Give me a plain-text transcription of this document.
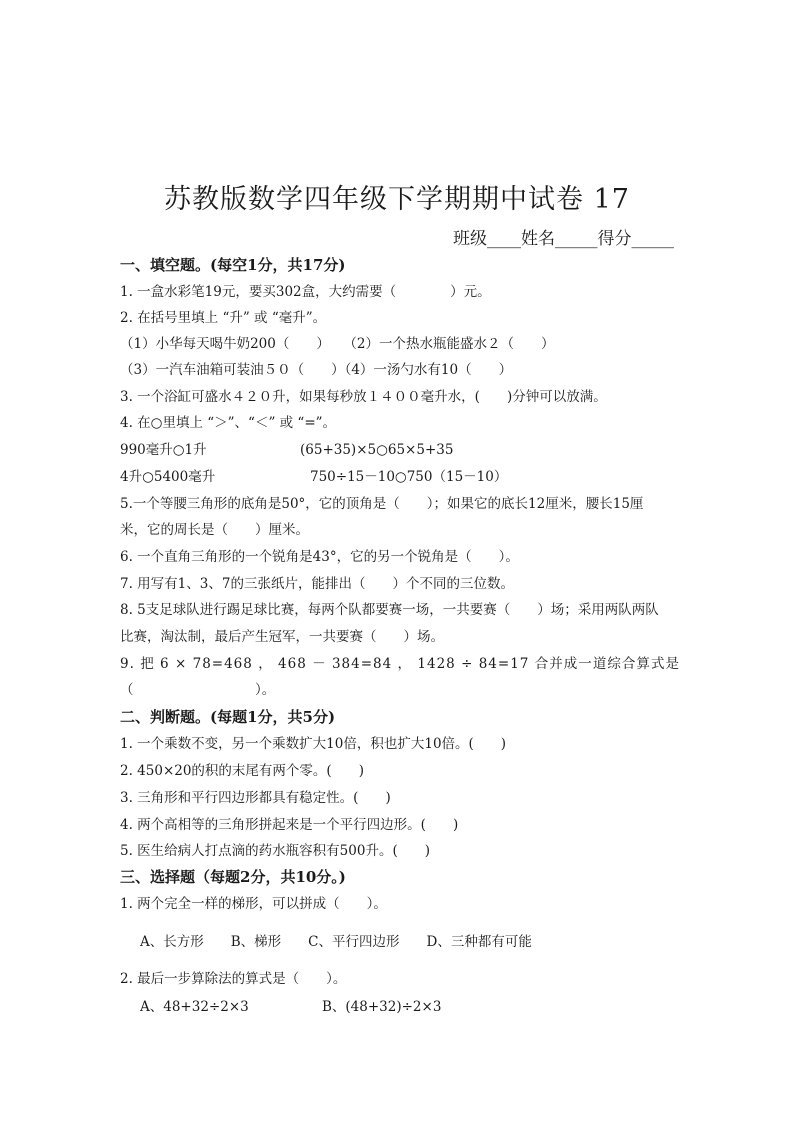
苏教版数学四年级下学期期中试卷 17
班级____姓名_____得分_____
一、填空题。(每空1分，共17分)
1. 一盒水彩笔19元，要买302盒，大约需要（　　　　）元。
2. 在括号里填上 “升” 或 “毫升”。
（1）小华每天喝牛奶200（　　）　　（2）一个热水瓶能盛水２（　　）
（3）一汽车油箱可装油５０（　　）（4）一汤勺水有10（　　）
3. 一个浴缸可盛水４２０升，如果每秒放１４００毫升水，(　　)分钟可以放满。
4. 在○里填上 “＞”、“＜” 或 “=”。
990毫升○1升	(65+35)×5○65×5+35
4升○5400毫升	750÷15－10○750（15－10）
5.一个等腰三角形的底角是50°，它的顶角是（　　）；如果它的底长12厘米，腰长15厘
米，它的周长是（　　）厘米。
6. 一个直角三角形的一个锐角是43°，它的另一个锐角是（　　）。
7. 用写有1、3、7的三张纸片，能排出（　　）个不同的三位数。
8. 5支足球队进行踢足球比赛，每两个队都要赛一场，一共要赛（　　）场；采用两队两队
比赛，淘汰制，最后产生冠军，一共要赛（　　）场。
9. 把 6 × 78=468 ， 468 － 384=84 ， 1428 ÷ 84=17 合并成一道综合算式是
（　　　　　　　　　）。
二、判断题。(每题1分，共5分)
1. 一个乘数不变，另一个乘数扩大10倍，积也扩大10倍。(　　)
2. 450×20的积的末尾有两个零。(　　)
3. 三角形和平行四边形都具有稳定性。(　　)
4. 两个高相等的三角形拼起来是一个平行四边形。(　　)
5. 医生给病人打点滴的药水瓶容积有500升。(　　)
三、选择题（每题2分，共10分。)
1. 两个完全一样的梯形，可以拼成（　　）。
A、长方形　　B、梯形　　C、平行四边形　　D、三种都有可能
2. 最后一步算除法的算式是（　　）。
A、48+32÷2×3	B、(48+32)÷2×3
